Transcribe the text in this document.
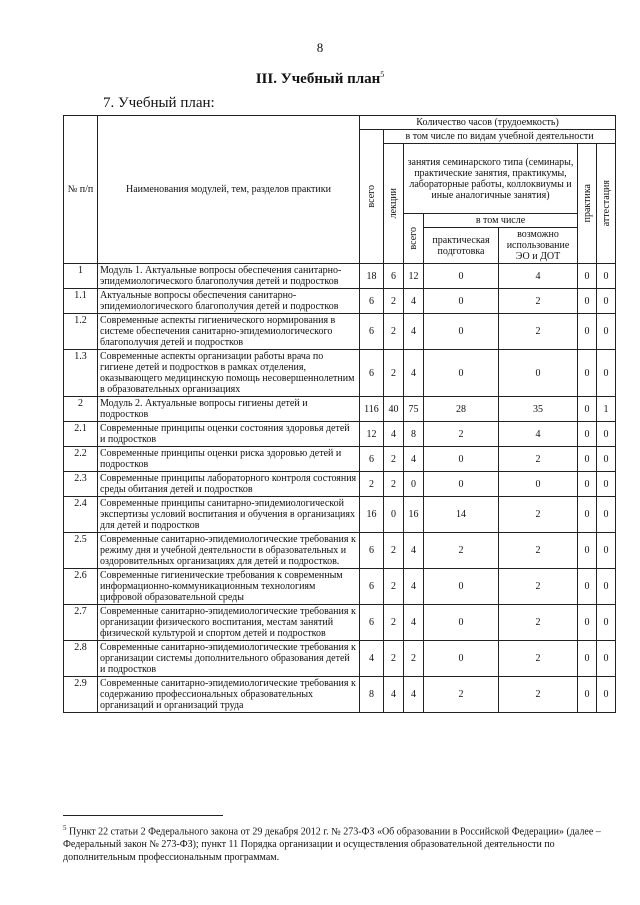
8
III. Учебный план$^5$
7. Учебный план:
№ п/п	Наименования модулей, тем, разделов практики	Количество часов (трудоемкость)						

		всего	в том числе по видам учебной деятельности					

			лекции	занятия семинарского типа (семинары, практические занятия, практикумы, лабораторные работы, коллоквиумы и иные аналогичные занятия)			практика	аттестация

				всего	в том числе			
					практическая подготовка	возможно использование ЭО и ДОТ		
1	Модуль 1. Актуальные вопросы обеспечения санитарно-эпидемиологического благополучия детей и подростков	18	6	12	0	4	0	0
1.1	Актуальные вопросы обеспечения санитарно-эпидемиологического благополучия детей и подростков	6	2	4	0	2	0	0
1.2	Современные аспекты гигиенического нормирования в системе обеспечения санитарно-эпидемиологического благополучия детей и подростков	6	2	4	0	2	0	0
1.3	Современные аспекты организации работы врача по гигиене детей и подростков в рамках отделения, оказывающего медицинскую помощь несовершеннолетним в образовательных организациях	6	2	4	0	0	0	0
2	Модуль 2. Актуальные вопросы гигиены детей и подростков	116	40	75	28	35	0	1
2.1	Современные принципы оценки состояния здоровья детей и подростков	12	4	8	2	4	0	0
2.2	Современные принципы оценки риска здоровью детей и подростков	6	2	4	0	2	0	0
2.3	Современные принципы лабораторного контроля состояния среды обитания детей и подростков	2	2	0	0	0	0	0
2.4	Современные принципы санитарно-эпидемиологической экспертизы условий воспитания и обучения в организациях для детей и подростков	16	0	16	14	2	0	0
2.5	Современные санитарно-эпидемиологические требования к режиму дня и учебной деятельности в образовательных и оздоровительных организациях для детей и подростков.	6	2	4	2	2	0	0
2.6	Современные гигиенические требования к современным информационно-коммуникационным технологиям цифровой образовательной среды	6	2	4	0	2	0	0
2.7	Современные санитарно-эпидемиологические требования к организации физического воспитания, местам занятий физической культурой и спортом детей и подростков	6	2	4	0	2	0	0
2.8	Современные санитарно-эпидемиологические требования к организации системы дополнительного образования детей и подростков	4	2	2	0	2	0	0
2.9	Современные санитарно-эпидемиологические требования к содержанию профессиональных образовательных организаций и организаций труда	8	4	4	2	2	0	0
$^5$ Пункт 22 статьи 2 Федерального закона от 29 декабря 2012 г. № 273-ФЗ «Об образовании в Российской Федерации» (далее – Федеральный закон № 273-ФЗ); пункт 11 Порядка организации и осуществления образовательной деятельности по дополнительным профессиональным программам.
